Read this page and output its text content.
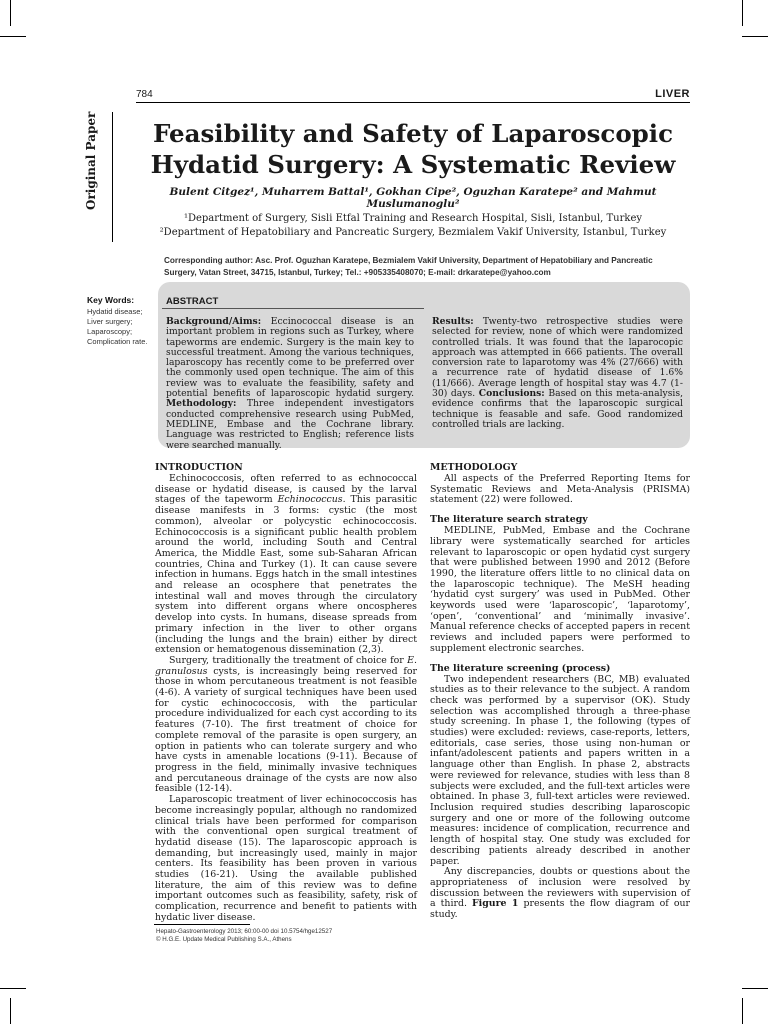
784	LIVER
Original Paper	Feasibility and Safety of Laparoscopic Hydatid Surgery: A Systematic Review
Bulent Citgez¹, Muharrem Battal¹, Gokhan Cipe², Oguzhan Karatepe² and Mahmut Muslumanoglu²
¹Department of Surgery, Sisli Etfal Training and Research Hospital, Sisli, Istanbul, Turkey
²Department of Hepatobiliary and Pancreatic Surgery, Bezmialem Vakif University, Istanbul, Turkey
Corresponding author: Asc. Prof. Oguzhan Karatepe, Bezmialem Vakif University, Department of Hepatobiliary and Pancreatic Surgery, Vatan Street, 34715, Istanbul, Turkey; Tel.: +905335408070; E-mail: drkaratepe@yahoo.com
Key Words:
Hydatid disease;
Liver surgery;
Laparoscopy;
Complication rate.
ABSTRACT
Background/Aims: Eccinococcal disease is an important problem in regions such as Turkey, where tapeworms are endemic. Surgery is the main key to successful treatment. Among the various techniques, laparoscopy has recently come to be preferred over the commonly used open technique. The aim of this review was to evaluate the feasibility, safety and potential benefits of laparoscopic hydatid surgery. Methodology: Three independent investigators conducted comprehensive research using PubMed, MEDLINE, Embase and the Cochrane library. Language was restricted to English; reference lists were searched manually.
Results: Twenty-two retrospective studies were selected for review, none of which were randomized controlled trials. It was found that the laparocopic approach was attempted in 666 patients. The overall conversion rate to laparotomy was 4% (27/666) with a recurrence rate of hydatid disease of 1.6% (11/666). Average length of hospital stay was 4.7 (1-30) days. Conclusions: Based on this meta-analysis, evidence confirms that the laparoscopic surgical technique is feasable and safe. Good randomized controlled trials are lacking.
INTRODUCTION

Echinococcosis, often referred to as echnococcal disease or hydatid disease, is caused by the larval stages of the tapeworm Echinococcus. This parasitic disease manifests in 3 forms: cystic (the most common), alveolar or polycystic echinococcosis. Echinococcosis is a significant public health problem around the world, including South and Central America, the Middle East, some sub-Saharan African countries, China and Turkey (1). It can cause severe infection in humans. Eggs hatch in the small intestines and release an ocosphere that penetrates the intestinal wall and moves through the circulatory system into different organs where oncospheres develop into cysts. In humans, disease spreads from primary infection in the liver to other organs (including the lungs and the brain) either by direct extension or hematogenous dissemination (2,3).

Surgery, traditionally the treatment of choice for E. granulosus cysts, is increasingly being reserved for those in whom percutaneous treatment is not feasible (4-6). A variety of surgical techniques have been used for cystic echinococcosis, with the particular procedure individualized for each cyst according to its features (7-10). The first treatment of choice for complete removal of the parasite is open surgery, an option in patients who can tolerate surgery and who have cysts in amenable locations (9-11). Because of progress in the field, minimally invasive techniques and percutaneous drainage of the cysts are now also feasible (12-14).

Laparoscopic treatment of liver echinococcosis has become increasingly popular, although no randomized clinical trials have been performed for comparison with the conventional open surgical treatment of hydatid disease (15). The laparoscopic approach is demanding, but increasingly used, mainly in major centers. Its feasibility has been proven in various studies (16-21). Using the available published literature, the aim of this review was to define important outcomes such as feasibility, safety, risk of complication, recurrence and benefit to patients with hydatic liver disease.

METHODOLOGY

All aspects of the Preferred Reporting Items for Systematic Reviews and Meta-Analysis (PRISMA) statement (22) were followed.

The literature search strategy

MEDLINE, PubMed, Embase and the Cochrane library were systematically searched for articles relevant to laparoscopic or open hydatid cyst surgery that were published between 1990 and 2012 (Before 1990, the literature offers little to no clinical data on the laparoscopic technique). The MeSH heading ‘hydatid cyst surgery’ was used in PubMed. Other keywords used were ‘laparoscopic’, ‘laparotomy’, ‘open’, ‘conventional’ and ‘minimally invasive’. Manual reference checks of accepted papers in recent reviews and included papers were performed to supplement electronic searches.

The literature screening (process)

Two independent researchers (BC, MB) evaluated studies as to their relevance to the subject. A random check was performed by a supervisor (OK). Study selection was accomplished through a three-phase study screening. In phase 1, the following (types of studies) were excluded: reviews, case-reports, letters, editorials, case series, those using non-human or infant/adolescent patients and papers written in a language other than English. In phase 2, abstracts were reviewed for relevance, studies with less than 8 subjects were excluded, and the full-text articles were obtained. In phase 3, full-text articles were reviewed. Inclusion required studies describing laparoscopic surgery and one or more of the following outcome measures: incidence of complication, recurrence and length of hospital stay. One study was excluded for describing patients already described in another paper.

Any discrepancies, doubts or questions about the appropriateness of inclusion were resolved by discussion between the reviewers with supervision of a third. Figure 1 presents the flow diagram of our study.

Hepato-Gastroenterology 2013; 60:00-00 doi 10.5754/hge12527
© H.G.E. Update Medical Publishing S.A., Athens
